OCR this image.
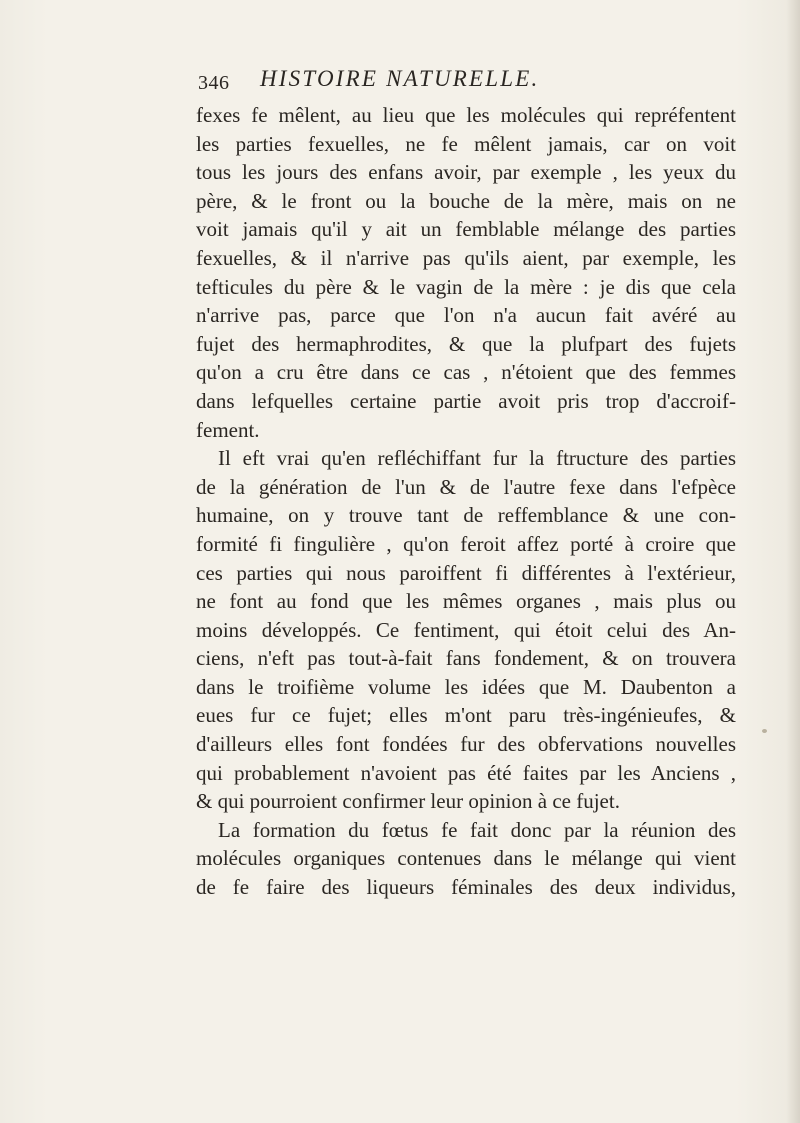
346 HISTOIRE NATURELLE.
fexes fe mêlent, au lieu que les molécules qui repréfentent
les parties fexuelles, ne fe mêlent jamais, car on voit
tous les jours des enfans avoir, par exemple , les yeux du
père, & le front ou la bouche de la mère, mais on ne
voit jamais qu'il y ait un femblable mélange des parties
fexuelles, & il n'arrive pas qu'ils aient, par exemple, les
tefticules du père & le vagin de la mère : je dis que cela
n'arrive pas, parce que l'on n'a aucun fait avéré au
fujet des hermaphrodites, & que la plufpart des fujets
qu'on a cru être dans ce cas , n'étoient que des femmes
dans lefquelles certaine partie avoit pris trop d'accroif-
fement.
Il eft vrai qu'en refléchiffant fur la ftructure des parties
de la génération de l'un & de l'autre fexe dans l'efpèce
humaine, on y trouve tant de reffemblance & une con-
formité fi fingulière , qu'on feroit affez porté à croire que
ces parties qui nous paroiffent fi différentes à l'extérieur,
ne font au fond que les mêmes organes , mais plus ou
moins développés. Ce fentiment, qui étoit celui des An-
ciens, n'eft pas tout-à-fait fans fondement, & on trouvera
dans le troifième volume les idées que M. Daubenton a
eues fur ce fujet; elles m'ont paru très-ingénieufes, &
d'ailleurs elles font fondées fur des obfervations nouvelles
qui probablement n'avoient pas été faites par les Anciens ,
& qui pourroient confirmer leur opinion à ce fujet.
La formation du fœtus fe fait donc par la réunion des
molécules organiques contenues dans le mélange qui vient
de fe faire des liqueurs féminales des deux individus,
